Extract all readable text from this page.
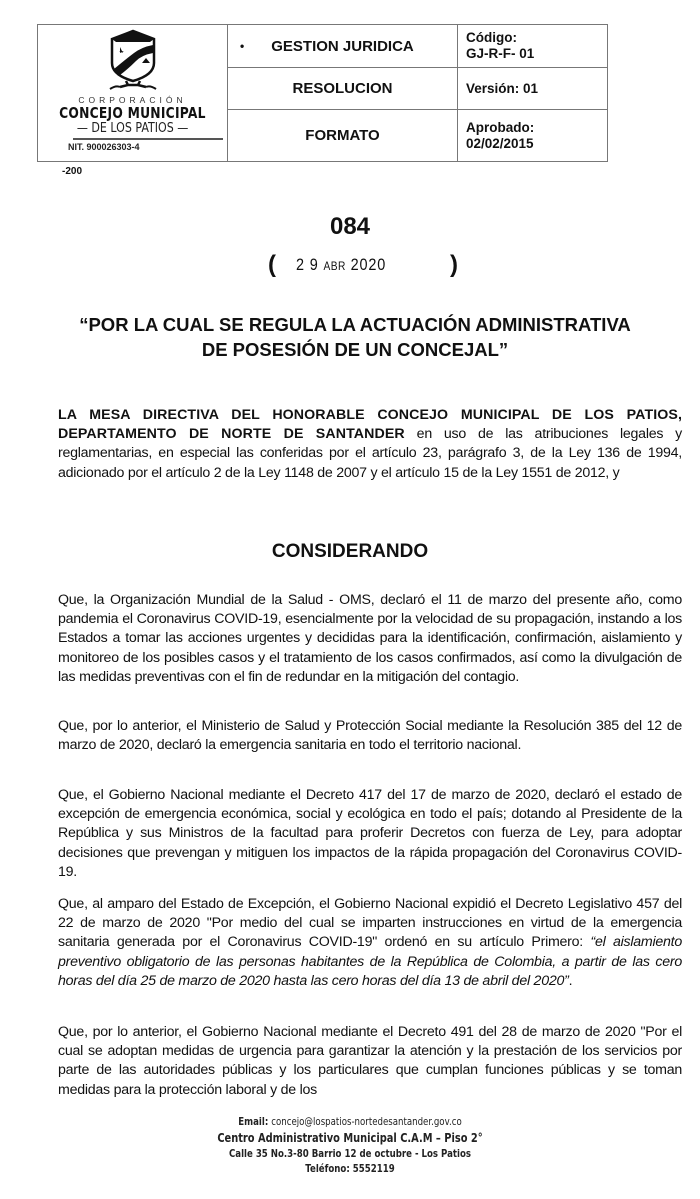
CORPORACIÓN
CONCEJO MUNICIPAL
— DE LOS PATIOS —
NIT. 900026303-4
• GESTION JURIDICA
RESOLUCION
FORMATO
Código:
GJ-R-F- 01
Versión: 01
Aprobado:
02/02/2015
-200
084
( 2 9 ABR 2020	)
“POR LA CUAL SE REGULA LA ACTUACIÓN ADMINISTRATIVA
DE POSESIÓN DE UN CONCEJAL”
LA MESA DIRECTIVA DEL HONORABLE CONCEJO MUNICIPAL DE LOS PATIOS, DEPARTAMENTO DE NORTE DE SANTANDER en uso de las atribuciones legales y reglamentarias, en especial las conferidas por el artículo 23, parágrafo 3, de la Ley 136 de 1994, adicionado por el artículo 2 de la Ley 1148 de 2007 y el artículo 15 de la Ley 1551 de 2012, y
CONSIDERANDO
Que, la Organización Mundial de la Salud - OMS, declaró el 11 de marzo del presente año, como pandemia el Coronavirus COVID-19, esencialmente por la velocidad de su propagación, instando a los Estados a tomar las acciones urgentes y decididas para la identificación, confirmación, aislamiento y monitoreo de los posibles casos y el tratamiento de los casos confirmados, así como la divulgación de las medidas preventivas con el fin de redundar en la mitigación del contagio.
Que, por lo anterior, el Ministerio de Salud y Protección Social mediante la Resolución 385 del 12 de marzo de 2020, declaró la emergencia sanitaria en todo el territorio nacional.
Que, el Gobierno Nacional mediante el Decreto 417 del 17 de marzo de 2020, declaró el estado de excepción de emergencia económica, social y ecológica en todo el país; dotando al Presidente de la República y sus Ministros de la facultad para proferir Decretos con fuerza de Ley, para adoptar decisiones que prevengan y mitiguen los impactos de la rápida propagación del Coronavirus COVID-19.
Que, al amparo del Estado de Excepción, el Gobierno Nacional expidió el Decreto Legislativo 457 del 22 de marzo de 2020 "Por medio del cual se imparten instrucciones en virtud de la emergencia sanitaria generada por el Coronavirus COVID-19" ordenó en su artículo Primero: “el aislamiento preventivo obligatorio de las personas habitantes de la República de Colombia, a partir de las cero horas del día 25 de marzo de 2020 hasta las cero horas del día 13 de abril del 2020”.
Que, por lo anterior, el Gobierno Nacional mediante el Decreto 491 del 28 de marzo de 2020 "Por el cual se adoptan medidas de urgencia para garantizar la atención y la prestación de los servicios por parte de las autoridades públicas y los particulares que cumplan funciones públicas y se toman medidas para la protección laboral y de los
Email: concejo@lospatios-nortedesantander.gov.co
Centro Administrativo Municipal C.A.M – Piso 2°
Calle 35 No.3-80 Barrio 12 de octubre - Los Patios
Teléfono: 5552119
